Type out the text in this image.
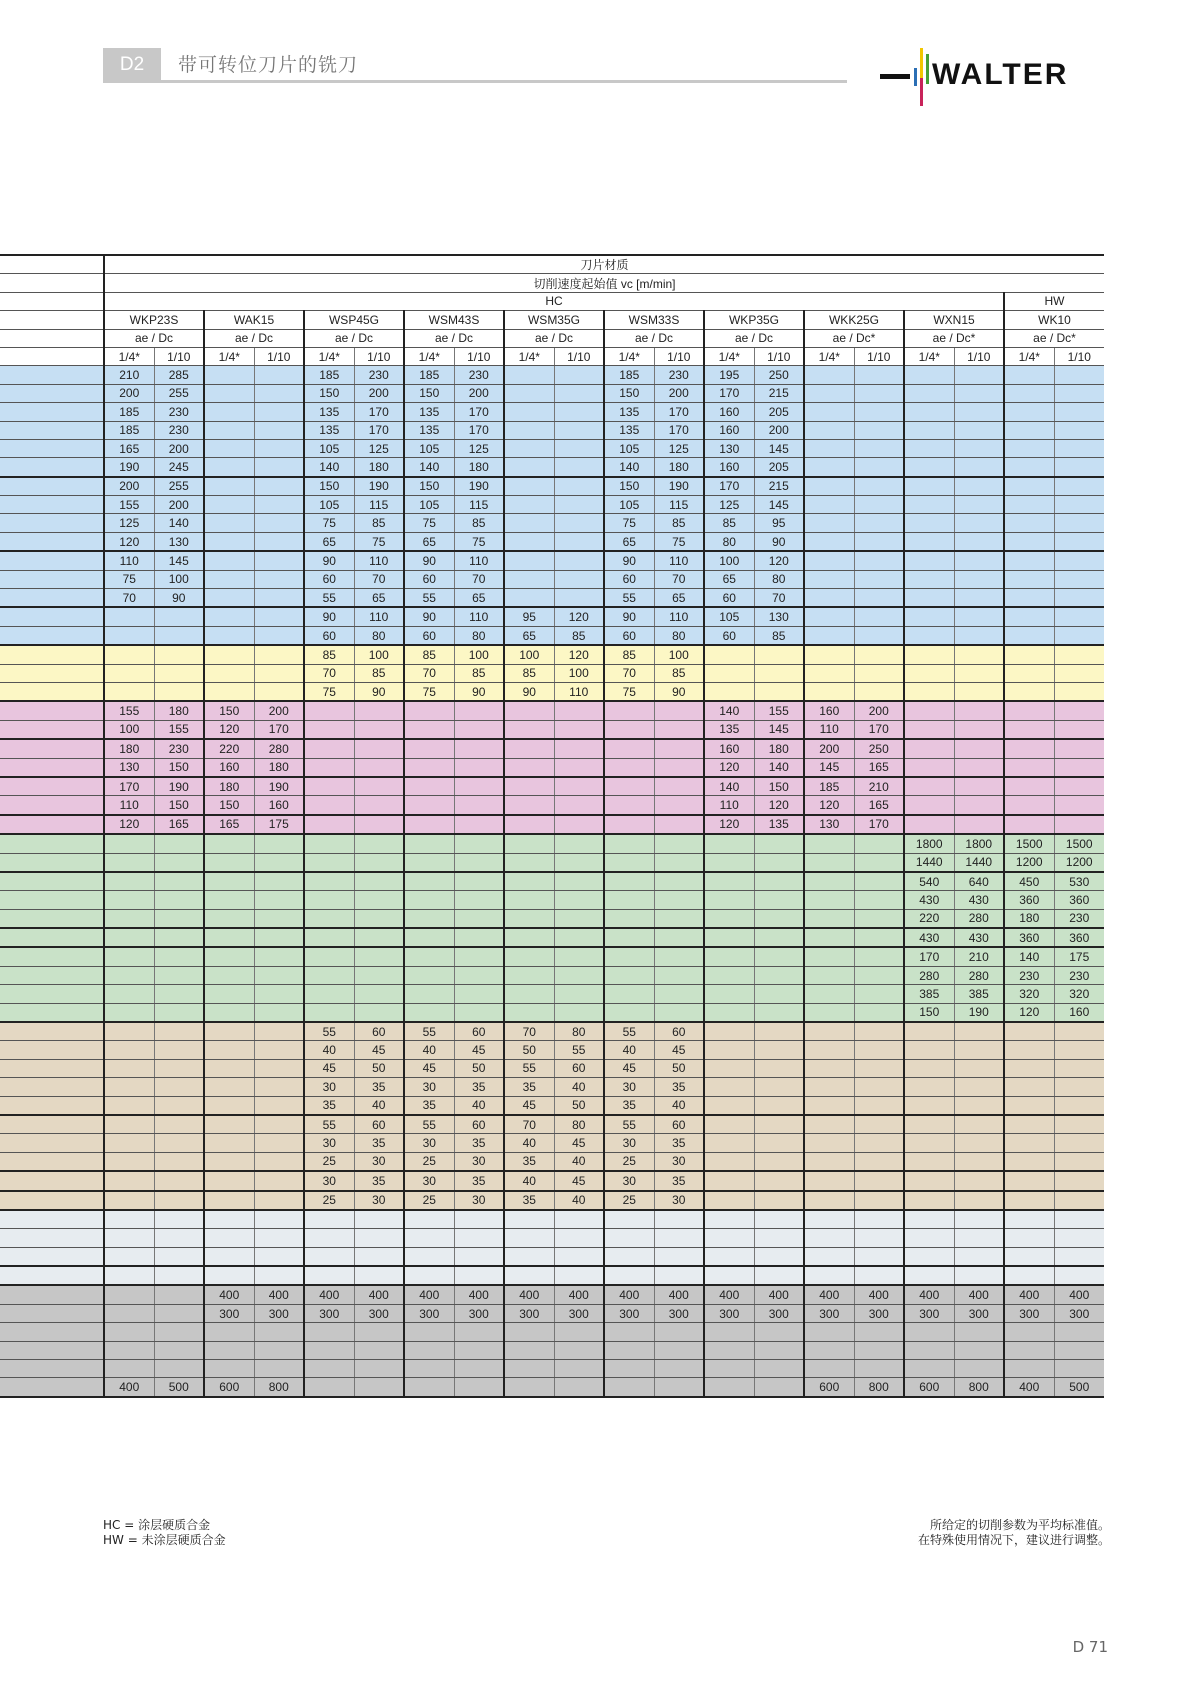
D2	带可转位刀片的铣刀	WALTER
	刀片材质																			
	切削速度起始值 vc [m/min]																			
	HC																		HW	
	WKP23S		WAK15		WSP45G		WSM43S		WSM35G		WSM33S		WKP35G		WKK25G		WXN15		WK10	
	ae / Dc		ae / Dc		ae / Dc		ae / Dc		ae / Dc		ae / Dc		ae / Dc		ae / Dc*		ae / Dc*		ae / Dc*	
	1/4*	1/10	1/4*	1/10	1/4*	1/10	1/4*	1/10	1/4*	1/10	1/4*	1/10	1/4*	1/10	1/4*	1/10	1/4*	1/10	1/4*	1/10
	210	285			185	230	185	230			185	230	195	250						
	200	255			150	200	150	200			150	200	170	215						
	185	230			135	170	135	170			135	170	160	205						
	185	230			135	170	135	170			135	170	160	200						
	165	200			105	125	105	125			105	125	130	145						
	190	245			140	180	140	180			140	180	160	205						
	200	255			150	190	150	190			150	190	170	215						
	155	200			105	115	105	115			105	115	125	145						
	125	140			75	85	75	85			75	85	85	95						
	120	130			65	75	65	75			65	75	80	90						
	110	145			90	110	90	110			90	110	100	120						
	75	100			60	70	60	70			60	70	65	80						
	70	90			55	65	55	65			55	65	60	70						
					90	110	90	110	95	120	90	110	105	130						
					60	80	60	80	65	85	60	80	60	85						
					85	100	85	100	100	120	85	100								
					70	85	70	85	85	100	70	85								
					75	90	75	90	90	110	75	90								
	155	180	150	200									140	155	160	200				
	100	155	120	170									135	145	110	170				
	180	230	220	280									160	180	200	250				
	130	150	160	180									120	140	145	165				
	170	190	180	190									140	150	185	210				
	110	150	150	160									110	120	120	165				
	120	165	165	175									120	135	130	170				
																	1800	1800	1500	1500
																	1440	1440	1200	1200
																	540	640	450	530
																	430	430	360	360
																	220	280	180	230
																	430	430	360	360
																	170	210	140	175
																	280	280	230	230
																	385	385	320	320
																	150	190	120	160
					55	60	55	60	70	80	55	60								
					40	45	40	45	50	55	40	45								
					45	50	45	50	55	60	45	50								
					30	35	30	35	35	40	30	35								
					35	40	35	40	45	50	35	40								
					55	60	55	60	70	80	55	60								
					30	35	30	35	40	45	30	35								
					25	30	25	30	35	40	25	30								
					30	35	30	35	40	45	30	35								
					25	30	25	30	35	40	25	30								

			400	400	400	400	400	400	400	400	400	400	400	400	400	400	400	400	400	400
			300	300	300	300	300	300	300	300	300	300	300	300	300	300	300	300	300	300

	400	500	600	800											600	800	600	800	400	500
HC = 涂层硬质合金
HW = 未涂层硬质合金
所给定的切削参数为平均标准值。
在特殊使用情况下，建议进行调整。
D 71
